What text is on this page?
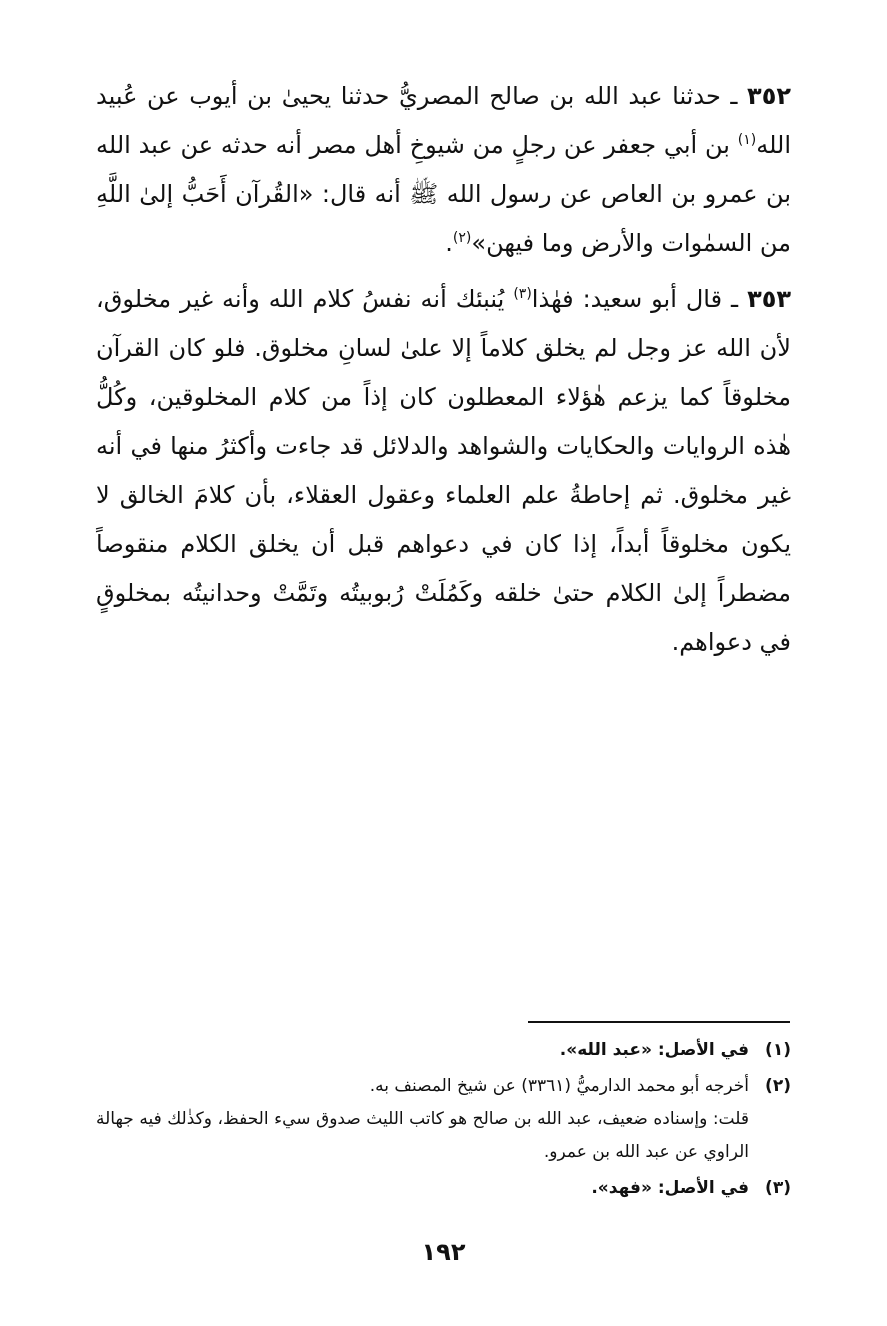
٣٥٢ ـ حدثنا عبد الله بن صالح المصريُّ حدثنا يحيىٰ بن أيوب عن عُبيد الله$^{(١)}$ بن أبي جعفر عن رجلٍ من شيوخِ أهل مصر أنه حدثه عن عبد الله بن عمرو بن العاص عن رسول الله ﷺ أنه قال: «القُرآن أَحَبُّ إلىٰ اللَّهِ من السمٰوات والأرض وما فيهن»$^{(٢)}$.

٣٥٣ ـ قال أبو سعيد: فهٰذا$^{(٣)}$ يُنبئك أنه نفسُ كلام الله وأنه غير مخلوق، لأن الله عز وجل لم يخلق كلاماً إلا علىٰ لسانِ مخلوق. فلو كان القرآن مخلوقاً كما يزعم هٰؤلاء المعطلون كان إذاً من كلام المخلوقين، وكُلُّ هٰذه الروايات والحكايات والشواهد والدلائل قد جاءت وأكثرُ منها في أنه غير مخلوق. ثم إحاطةُ علم العلماء وعقول العقلاء، بأن كلامَ الخالق لا يكون مخلوقاً أبداً، إذا كان في دعواهم قبل أن يخلق الكلام منقوصاً مضطراً إلىٰ الكلام حتىٰ خلقه وكَمُلَتْ رُبوبيتُه وتَمَّتْ وحدانيتُه بمخلوقٍ في دعواهم.

(١)
في الأصل: «عبد الله».
(٢)
أخرجه أبو محمد الدارميُّ (٣٣٦١) عن شيخ المصنف به.
قلت: وإسناده ضعيف، عبد الله بن صالح هو كاتب الليث صدوق سيء الحفظ، وكذٰلك فيه جهالة الراوي عن عبد الله بن عمرو.
(٣)
في الأصل: «فهد».
١٩٢
